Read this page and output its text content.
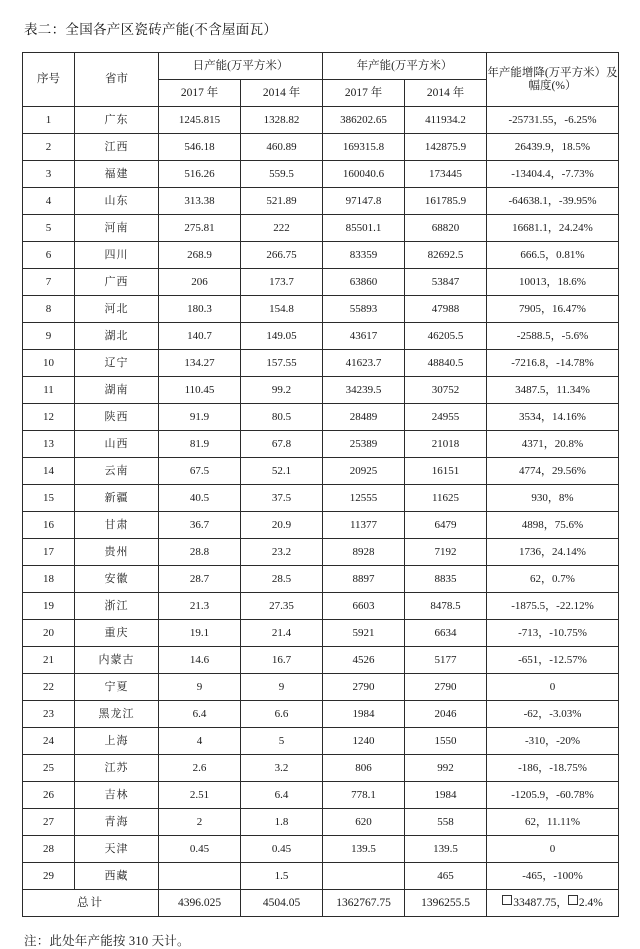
表二：全国各产区瓷砖产能(不含屋面瓦）
序号	省市	日产能(万平方米）		年产能(万平方米）		年产能增降(万平方米）及幅度(%）
		2017 年	2014 年	2017 年	2014 年	
1	广东	1245.815	1328.82	386202.65	411934.2	-25731.55，-6.25%
2	江西	546.18	460.89	169315.8	142875.9	26439.9，18.5%
3	福建	516.26	559.5	160040.6	173445	-13404.4，-7.73%
4	山东	313.38	521.89	97147.8	161785.9	-64638.1，-39.95%
5	河南	275.81	222	85501.1	68820	16681.1，24.24%
6	四川	268.9	266.75	83359	82692.5	666.5，0.81%
7	广西	206	173.7	63860	53847	10013，18.6%
8	河北	180.3	154.8	55893	47988	7905，16.47%
9	湖北	140.7	149.05	43617	46205.5	-2588.5，-5.6%
10	辽宁	134.27	157.55	41623.7	48840.5	-7216.8，-14.78%
11	湖南	110.45	99.2	34239.5	30752	3487.5，11.34%
12	陕西	91.9	80.5	28489	24955	3534，14.16%
13	山西	81.9	67.8	25389	21018	4371，20.8%
14	云南	67.5	52.1	20925	16151	4774，29.56%
15	新疆	40.5	37.5	12555	11625	930，8%
16	甘肃	36.7	20.9	11377	6479	4898，75.6%
17	贵州	28.8	23.2	8928	7192	1736，24.14%
18	安徽	28.7	28.5	8897	8835	62，0.7%
19	浙江	21.3	27.35	6603	8478.5	-1875.5，-22.12%
20	重庆	19.1	21.4	5921	6634	-713，-10.75%
21	内蒙古	14.6	16.7	4526	5177	-651，-12.57%
22	宁夏	9	9	2790	2790	0
23	黑龙江	6.4	6.6	1984	2046	-62，-3.03%
24	上海	4	5	1240	1550	-310，-20%
25	江苏	2.6	3.2	806	992	-186，-18.75%
26	吉林	2.51	6.4	778.1	1984	-1205.9，-60.78%
27	青海	2	1.8	620	558	62，11.11%
28	天津	0.45	0.45	139.5	139.5	0
29	西藏		1.5		465	-465，-100%
总计		4396.025	4504.05	1362767.75	1396255.5	33487.75， 2.4%
注：此处年产能按 310 天计。
